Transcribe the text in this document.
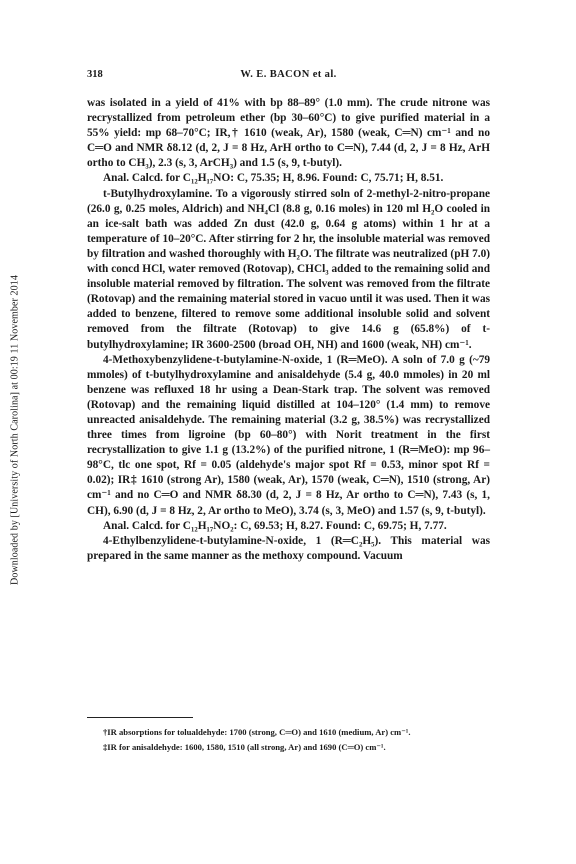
Downloaded by [University of North Carolina] at 00:19 11 November 2014
318	W. E. BACON et al.

was isolated in a yield of 41% with bp 88–89° (1.0 mm). The crude nitrone was recrystallized from petroleum ether (bp 30–60°C) to give purified material in a 55% yield: mp 68–70°C; IR,† 1610 (weak, Ar), 1580 (weak, C═N) cm⁻¹ and no C═O and NMR δ8.12 (d, 2, J = 8 Hz, ArH ortho to C═N), 7.44 (d, 2, J = 8 Hz, ArH ortho to CH₃), 2.3 (s, 3, ArCH₃) and 1.5 (s, 9, t-butyl).

Anal. Calcd. for C₁₂H₁₇NO: C, 75.35; H, 8.96. Found: C, 75.71; H, 8.51.

t-Butylhydroxylamine. To a vigorously stirred soln of 2-methyl-2-nitro-propane (26.0 g, 0.25 moles, Aldrich) and NH₄Cl (8.8 g, 0.16 moles) in 120 ml H₂O cooled in an ice-salt bath was added Zn dust (42.0 g, 0.64 g atoms) within 1 hr at a temperature of 10–20°C. After stirring for 2 hr, the insoluble material was removed by filtration and washed thoroughly with H₂O. The filtrate was neutralized (pH 7.0) with concd HCl, water removed (Rotovap), CHCl₃ added to the remaining solid and insoluble material removed by filtration. The solvent was removed from the filtrate (Rotovap) and the remaining material stored in vacuo until it was used. Then it was added to benzene, filtered to remove some additional insoluble solid and solvent removed from the filtrate (Rotovap) to give 14.6 g (65.8%) of t-butylhydroxylamine; IR 3600-2500 (broad OH, NH) and 1600 (weak, NH) cm⁻¹.

4-Methoxybenzylidene-t-butylamine-N-oxide, 1 (R═MeO). A soln of 7.0 g (~79 mmoles) of t-butylhydroxylamine and anisaldehyde (5.4 g, 40.0 mmoles) in 20 ml benzene was refluxed 18 hr using a Dean-Stark trap. The solvent was removed (Rotovap) and the remaining liquid distilled at 104–120° (1.4 mm) to remove unreacted anisaldehyde. The remaining material (3.2 g, 38.5%) was recrystallized three times from ligroine (bp 60–80°) with Norit treatment in the first recrystallization to give 1.1 g (13.2%) of the purified nitrone, 1 (R═MeO): mp 96–98°C, tlc one spot, Rf = 0.05 (aldehyde's major spot Rf = 0.53, minor spot Rf = 0.02); IR‡ 1610 (strong Ar), 1580 (weak, Ar), 1570 (weak, C═N), 1510 (strong, Ar) cm⁻¹ and no C═O and NMR δ8.30 (d, 2, J = 8 Hz, Ar ortho to C═N), 7.43 (s, 1, CH), 6.90 (d, J = 8 Hz, 2, Ar ortho to MeO), 3.74 (s, 3, MeO) and 1.57 (s, 9, t-butyl).

Anal. Calcd. for C₁₂H₁₇NO₂: C, 69.53; H, 8.27. Found: C, 69.75; H, 7.77.

4-Ethylbenzylidene-t-butylamine-N-oxide, 1 (R═C₂H₅). This material was prepared in the same manner as the methoxy compound. Vacuum

†IR absorptions for tolualdehyde: 1700 (strong, C═O) and 1610 (medium, Ar) cm⁻¹.

‡IR for anisaldehyde: 1600, 1580, 1510 (all strong, Ar) and 1690 (C═O) cm⁻¹.
